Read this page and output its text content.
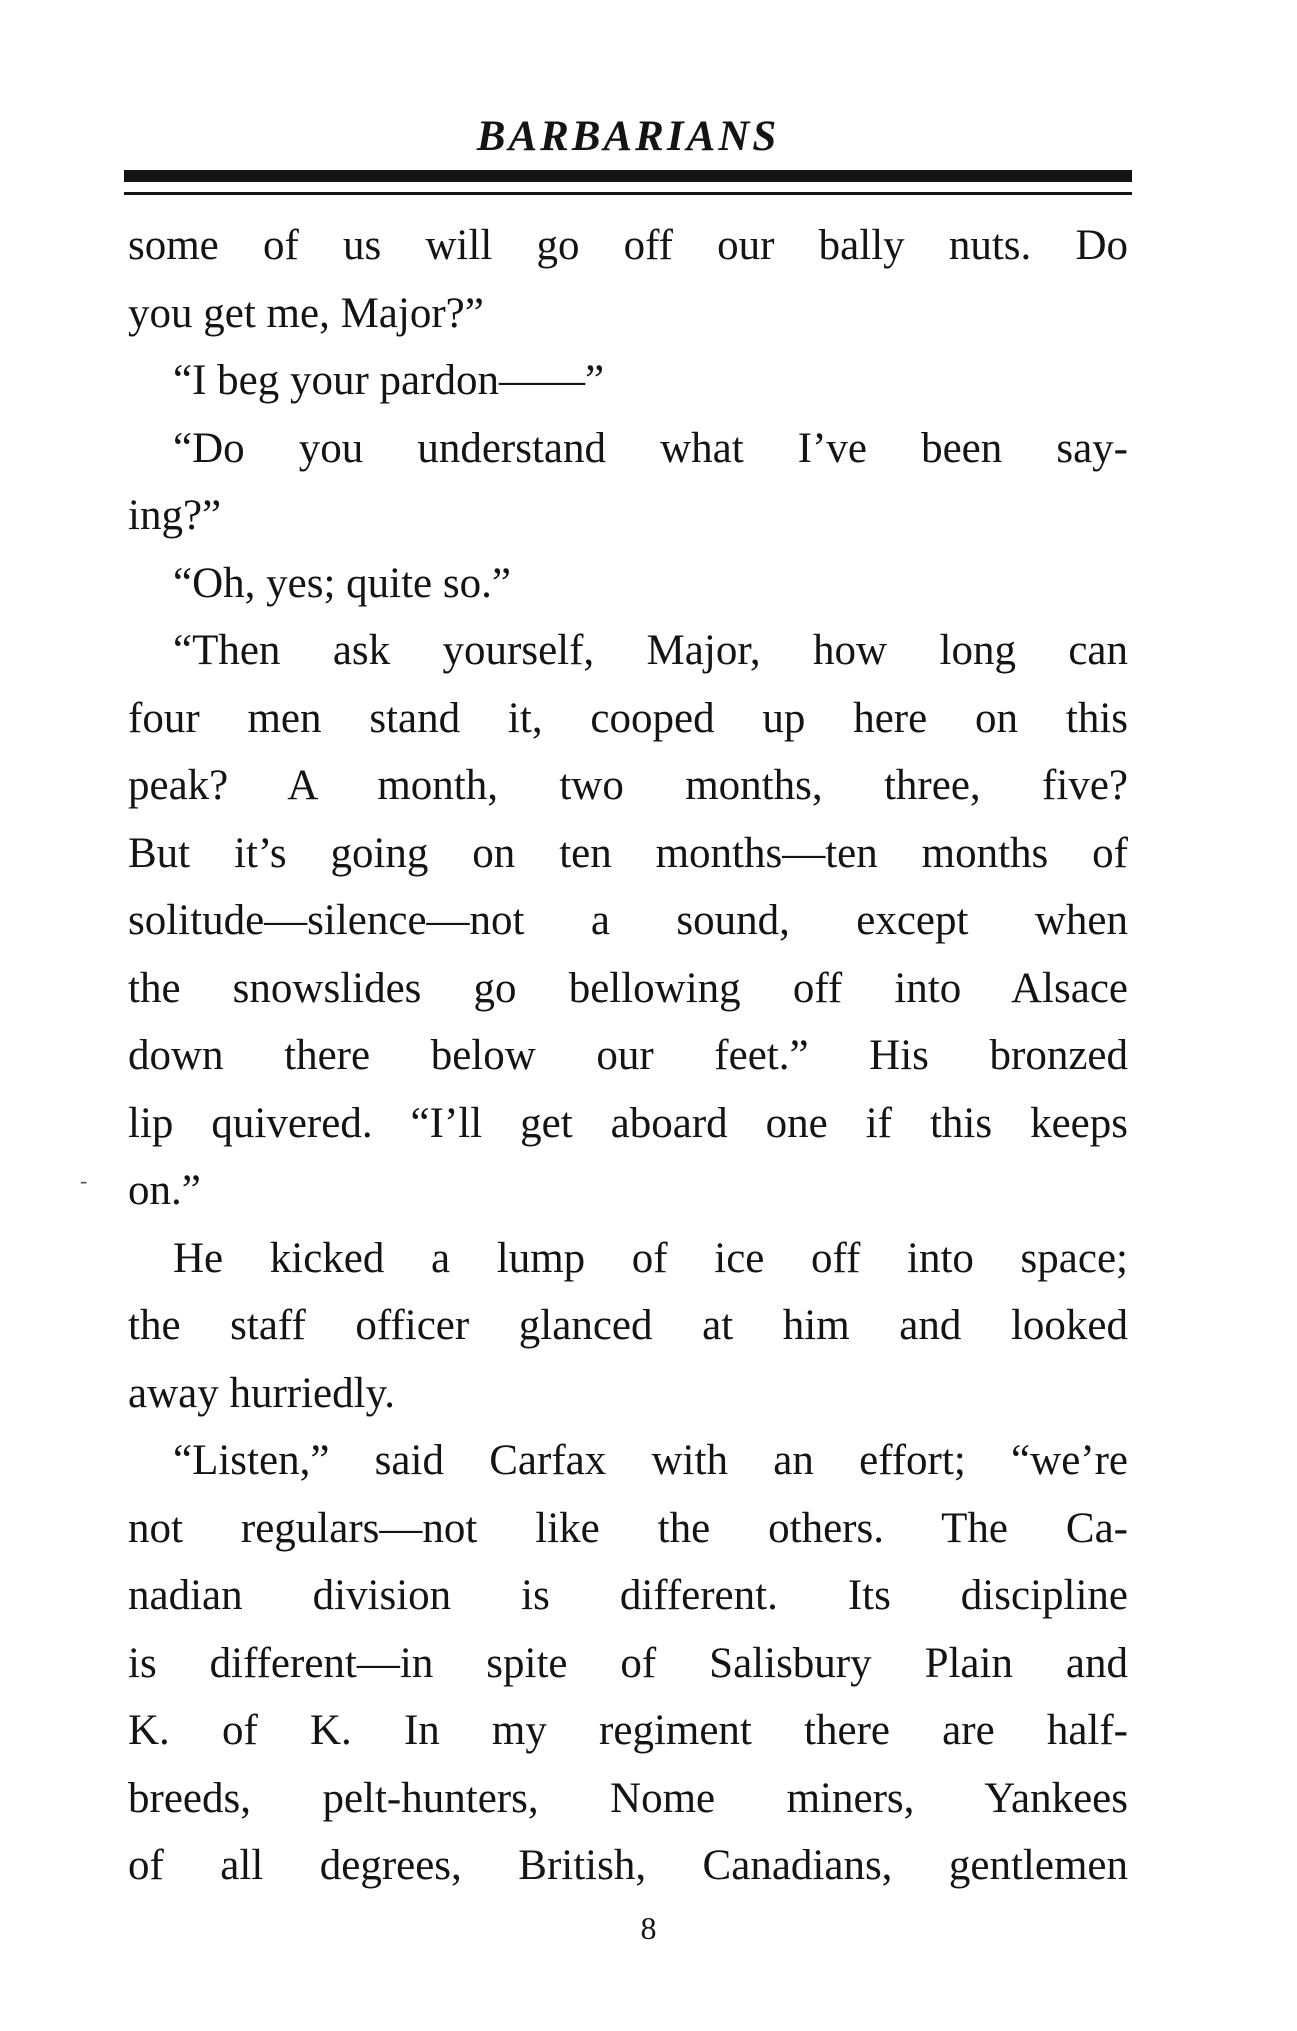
BARBARIANS
some of us will go off our bally nuts. Do
you get me, Major?”
“I beg your pardon——”
“Do you understand what I’ve been say-
ing?”
“Oh, yes; quite so.”
“Then ask yourself, Major, how long can
four men stand it, cooped up here on this
peak? A month, two months, three, five?
But it’s going on ten months—ten months of
solitude—silence—not a sound, except when
the snowslides go bellowing off into Alsace
down there below our feet.” His bronzed
lip quivered. “I’ll get aboard one if this keeps
on.”
He kicked a lump of ice off into space;
the staff officer glanced at him and looked
away hurriedly.
“Listen,” said Carfax with an effort; “we’re
not regulars—not like the others. The Ca-
nadian division is different. Its discipline
is different—in spite of Salisbury Plain and
K. of K. In my regiment there are half-
breeds, pelt-hunters, Nome miners, Yankees
of all degrees, British, Canadians, gentlemen
-
8
